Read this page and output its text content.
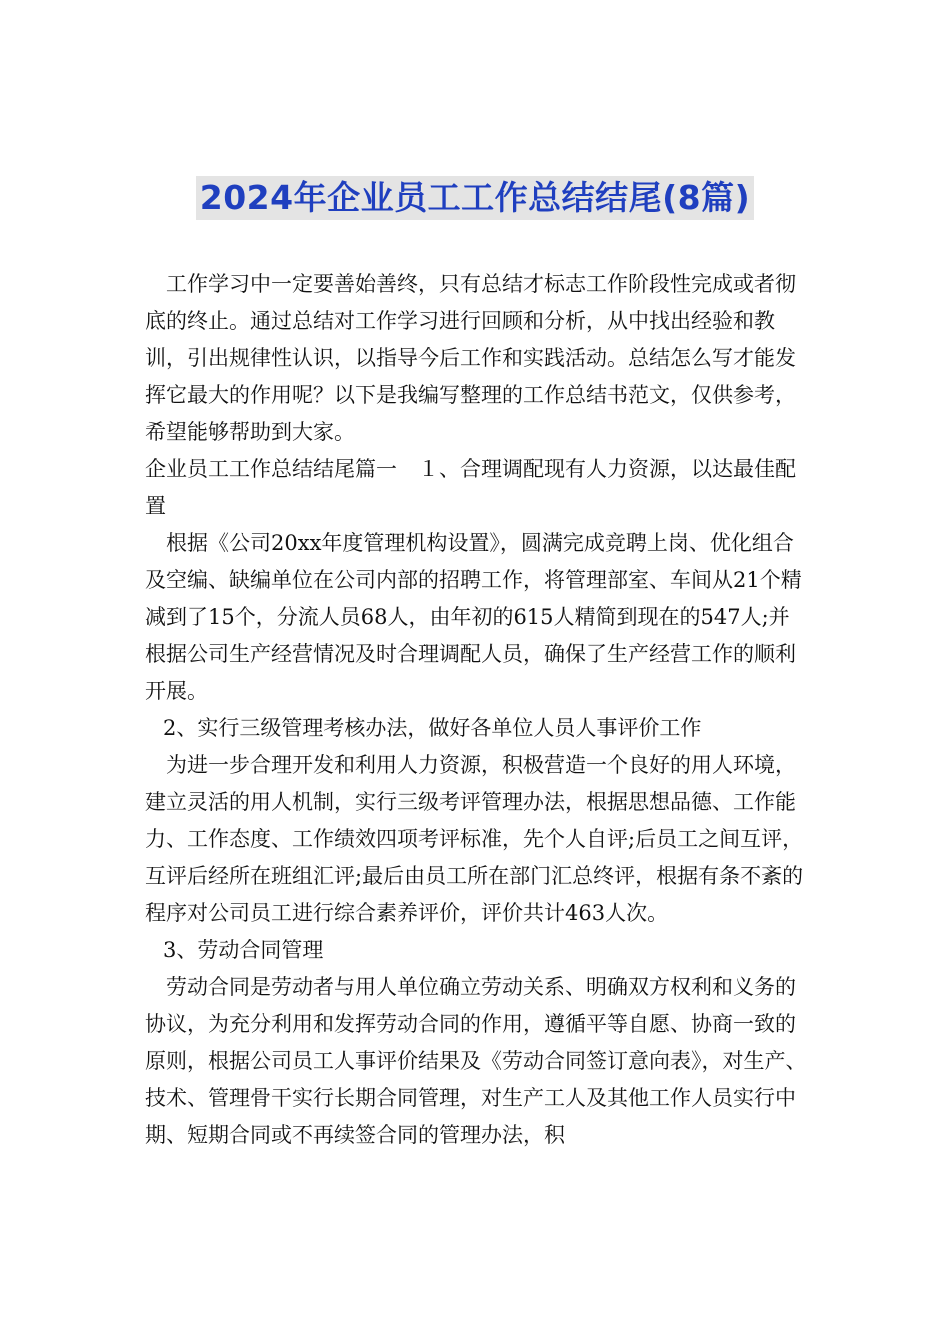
2024年企业员工工作总结结尾(8篇)

工作学习中一定要善始善终，只有总结才标志工作阶段性完成或者彻底的终止。通过总结对工作学习进行回顾和分析，从中找出经验和教训，引出规律性认识，以指导今后工作和实践活动。总结怎么写才能发挥它最大的作用呢？以下是我编写整理的工作总结书范文，仅供参考，希望能够帮助到大家。

企业员工工作总结结尾篇一　１、合理调配现有人力资源，以达最佳配置

根据《公司20xx年度管理机构设置》，圆满完成竞聘上岗、优化组合及空编、缺编单位在公司内部的招聘工作，将管理部室、车间从21个精减到了15个，分流人员68人，由年初的615人精简到现在的547人;并根据公司生产经营情况及时合理调配人员，确保了生产经营工作的顺利开展。

2、实行三级管理考核办法，做好各单位人员人事评价工作

为进一步合理开发和利用人力资源，积极营造一个良好的用人环境，建立灵活的用人机制，实行三级考评管理办法，根据思想品德、工作能力、工作态度、工作绩效四项考评标准，先个人自评;后员工之间互评，互评后经所在班组汇评;最后由员工所在部门汇总终评，根据有条不紊的程序对公司员工进行综合素养评价，评价共计463人次。

3、劳动合同管理

劳动合同是劳动者与用人单位确立劳动关系、明确双方权利和义务的协议，为充分利用和发挥劳动合同的作用，遵循平等自愿、协商一致的原则，根据公司员工人事评价结果及《劳动合同签订意向表》，对生产、技术、管理骨干实行长期合同管理，对生产工人及其他工作人员实行中期、短期合同或不再续签合同的管理办法，积
